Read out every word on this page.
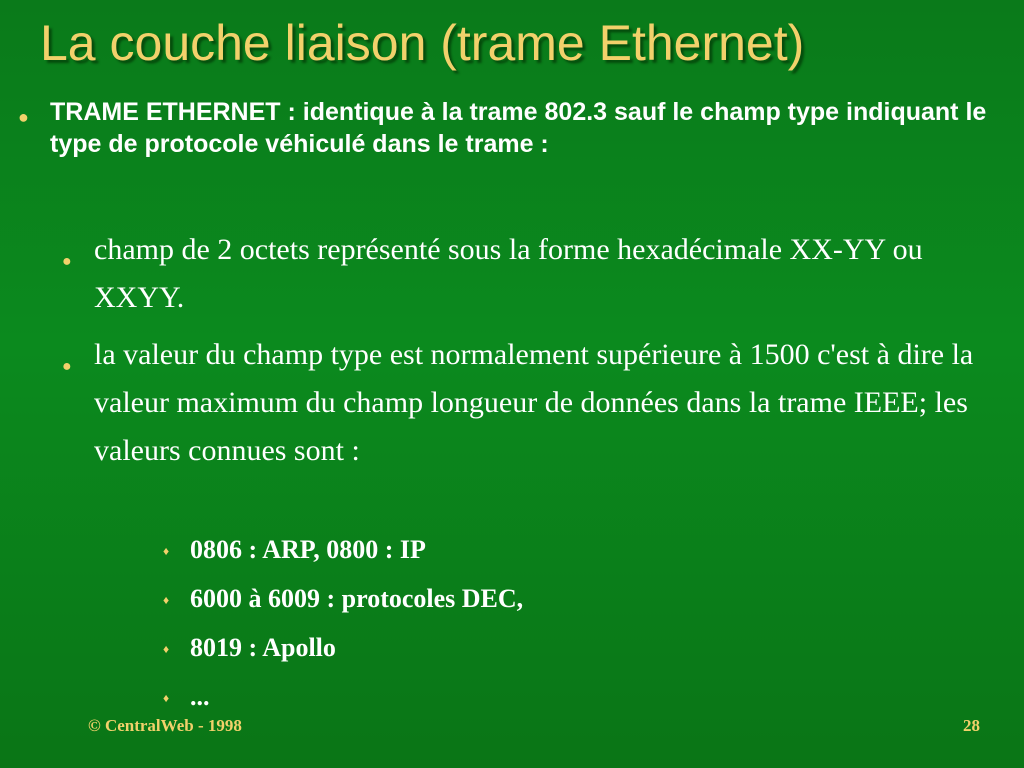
La couche liaison (trame Ethernet)
● TRAME ETHERNET : identique à la trame 802.3 sauf le champ type indiquant le type de protocole véhiculé dans le trame :
● champ de 2 octets représenté sous la forme hexadécimale XX-YY ou XXYY.
● la valeur du champ type est normalement supérieure à 1500 c'est à dire la valeur maximum du champ longueur de données dans la trame IEEE; les valeurs connues sont :
♦ 0806 : ARP, 0800 : IP
♦ 6000 à 6009 : protocoles DEC,
♦ 8019 : Apollo
♦ ...
© CentralWeb - 1998	28
